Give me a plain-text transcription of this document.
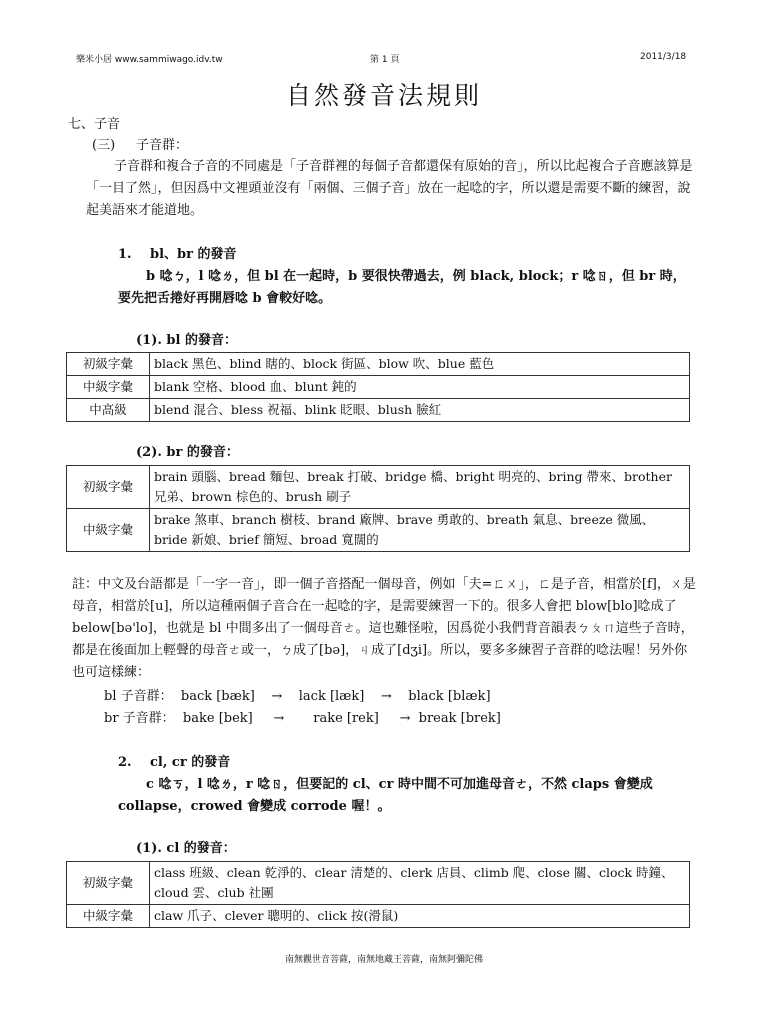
樂米小居 www.sammiwago.idv.tw	第 1 頁	2011/3/18
自然發音法規則
七、子音
(三) 子音群：
子音群和複合子音的不同處是「子音群裡的每個子音都還保有原始的音」，所以比起複合子音應該算是「一目了然」，但因爲中文裡頭並沒有「兩個、三個子音」放在一起唸的字，所以還是需要不斷的練習，說起美語來才能道地。
1. bl、br 的發音
b 唸ㄅ，l 唸ㄌ，但 bl 在一起時，b 要很快帶過去，例 black, block；r 唸ㄖ，但 br 時，要先把舌捲好再開唇唸 b 會較好唸。
(1). bl 的發音：
初級字彙	black 黑色、blind 瞎的、block 街區、blow 吹、blue 藍色
中級字彙	blank 空格、blood 血、blunt 鈍的
中高級	blend 混合、bless 祝福、blink 眨眼、blush 臉紅
(2). br 的發音：
初級字彙	brain 頭腦、bread 麵包、break 打破、bridge 橋、bright 明亮的、bring 帶來、brother 兄弟、brown 棕色的、brush 刷子
中級字彙	brake 煞車、branch 樹枝、brand 廠牌、brave 勇敢的、breath 氣息、breeze 微風、bride 新娘、brief 簡短、broad 寬闊的
註：中文及台語都是「一字一音」，即一個子音搭配一個母音，例如「夫=ㄈㄨ」，ㄈ是子音，相當於[f]，ㄨ是母音，相當於[u]，所以這種兩個子音合在一起唸的字，是需要練習一下的。很多人會把 blow[blo]唸成了 below[bə'lo]，也就是 bl 中間多出了一個母音ㄜ。這也難怪啦，因爲從小我們背音韻表ㄅㄆㄇ這些子音時，都是在後面加上輕聲的母音ㄜ或一，ㄅ成了[bə]，ㄐ成了[dʒi]。所以，要多多練習子音群的唸法喔！另外你也可這樣練：
bl 子音群：  back [bæk]    →    lack [læk]    →    black [blæk]
br 子音群：  bake [bek]     →       rake [rek]     →  break [brek]
2. cl, cr 的發音
c 唸ㄎ，l 唸ㄌ，r 唸ㄖ，但要記的 cl、cr 時中間不可加進母音ㄜ，不然 claps 會變成 collapse，crowed 會變成 corrode 喔！。
(1). cl 的發音：
初級字彙	class 班級、clean 乾淨的、clear 清楚的、clerk 店員、climb 爬、close 關、clock 時鐘、cloud 雲、club 社團
中級字彙	claw 爪子、clever 聰明的、click 按(滑鼠)
南無觀世音菩薩，南無地藏王菩薩，南無阿彌陀佛
